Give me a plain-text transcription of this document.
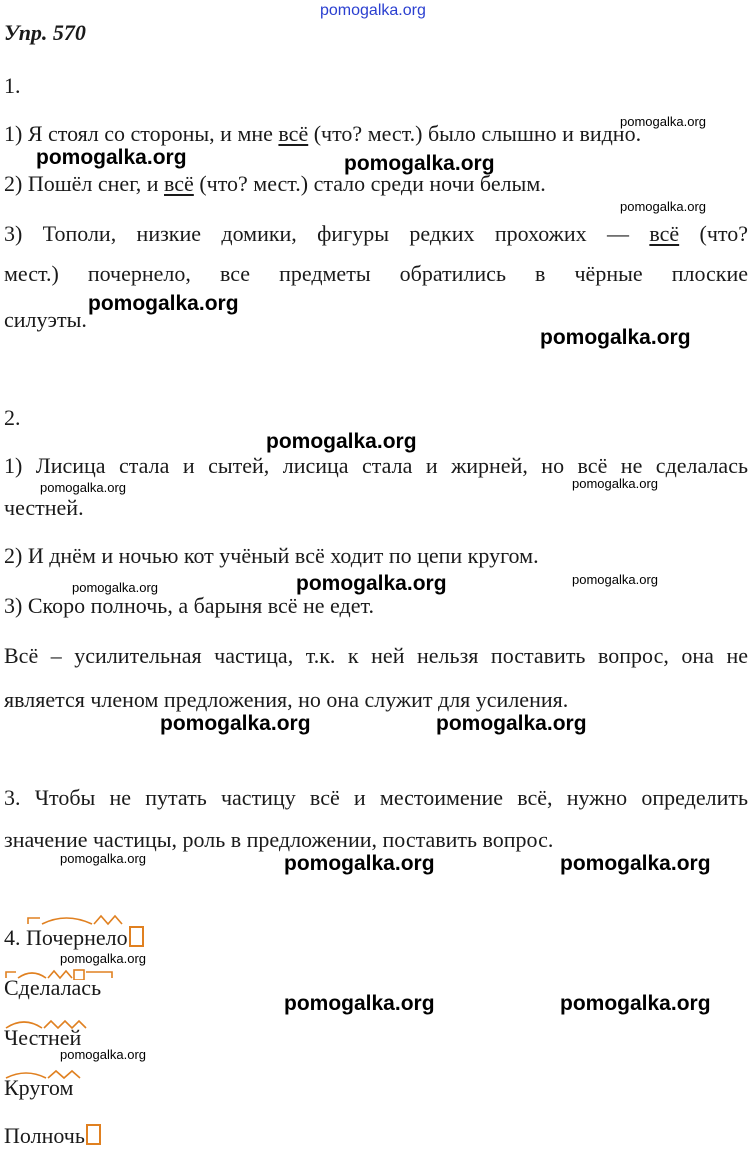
pomogalka.org
Упр. 570
1.
1) Я стоял со стороны, и мне всё (что? мест.) было слышно и видно.
2) Пошёл снег, и всё (что? мест.) стало среди ночи белым.
3) Тополи, низкие домики, фигуры редких прохожих — всё (что?
мест.) почернело, все предметы обратились в чёрные плоские
силуэты.
2.
1) Лисица стала и сытей, лисица стала и жирней, но всё не сделалась
честней.
2) И днём и ночью кот учёный всё ходит по цепи кругом.
3) Скоро полночь, а барыня всё не едет.
Всё – усилительная частица, т.к. к ней нельзя поставить вопрос, она не
является членом предложения, но она служит для усиления.
3. Чтобы не путать частицу всё и местоимение всё, нужно определить
значение частицы, роль в предложении, поставить вопрос.
4. Почернело
Сделалась
Честней
Кругом
Полночь
pomogalka.org	pomogalka.org
pomogalka.org
pomogalka.org
pomogalka.org
pomogalka.org
pomogalka.org	pomogalka.org
pomogalka.org	pomogalka.org
pomogalka.org	pomogalka.org
pomogalka.org
pomogalka.org
pomogalka.org	pomogalka.org
pomogalka.org
pomogalka.org
pomogalka.org
pomogalka.org
pomogalka.org
